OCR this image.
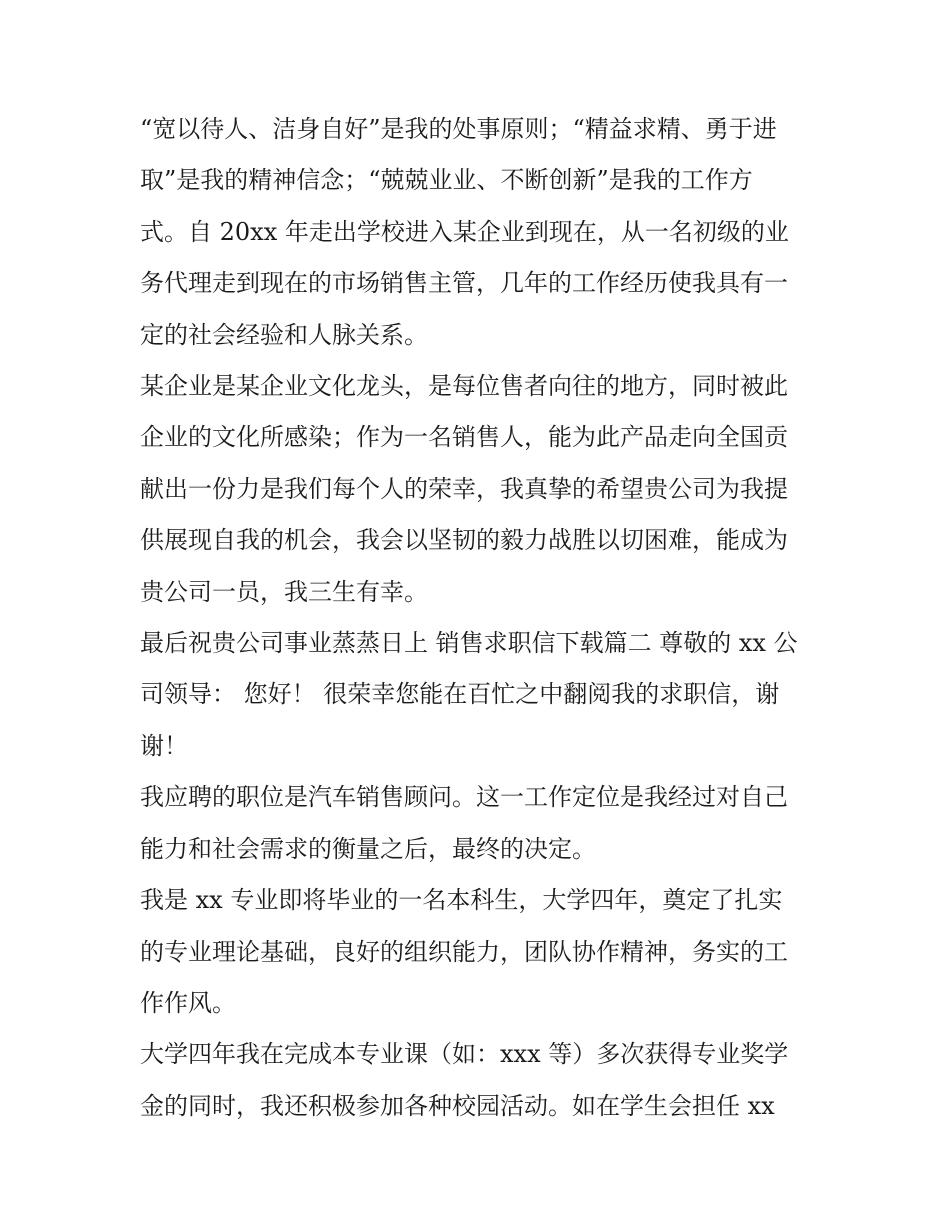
“宽以待人、洁身自好”是我的处事原则；“精益求精、勇于进
取”是我的精神信念；“兢兢业业、不断创新”是我的工作方
式。自 20xx 年走出学校进入某企业到现在，从一名初级的业
务代理走到现在的市场销售主管，几年的工作经历使我具有一
定的社会经验和人脉关系。

某企业是某企业文化龙头，是每位售者向往的地方，同时被此
企业的文化所感染；作为一名销售人，能为此产品走向全国贡
献出一份力是我们每个人的荣幸，我真挚的希望贵公司为我提
供展现自我的机会，我会以坚韧的毅力战胜以切困难，能成为
贵公司一员，我三生有幸。

最后祝贵公司事业蒸蒸日上 销售求职信下载篇二 尊敬的 xx 公
司领导： 您好！ 很荣幸您能在百忙之中翻阅我的求职信，谢
谢！

我应聘的职位是汽车销售顾问。这一工作定位是我经过对自己
能力和社会需求的衡量之后，最终的决定。

我是 xx 专业即将毕业的一名本科生，大学四年，奠定了扎实
的专业理论基础，良好的组织能力，团队协作精神，务实的工
作作风。

大学四年我在完成本专业课（如：xxx 等）多次获得专业奖学
金的同时，我还积极参加各种校园活动。如在学生会担任 xx
